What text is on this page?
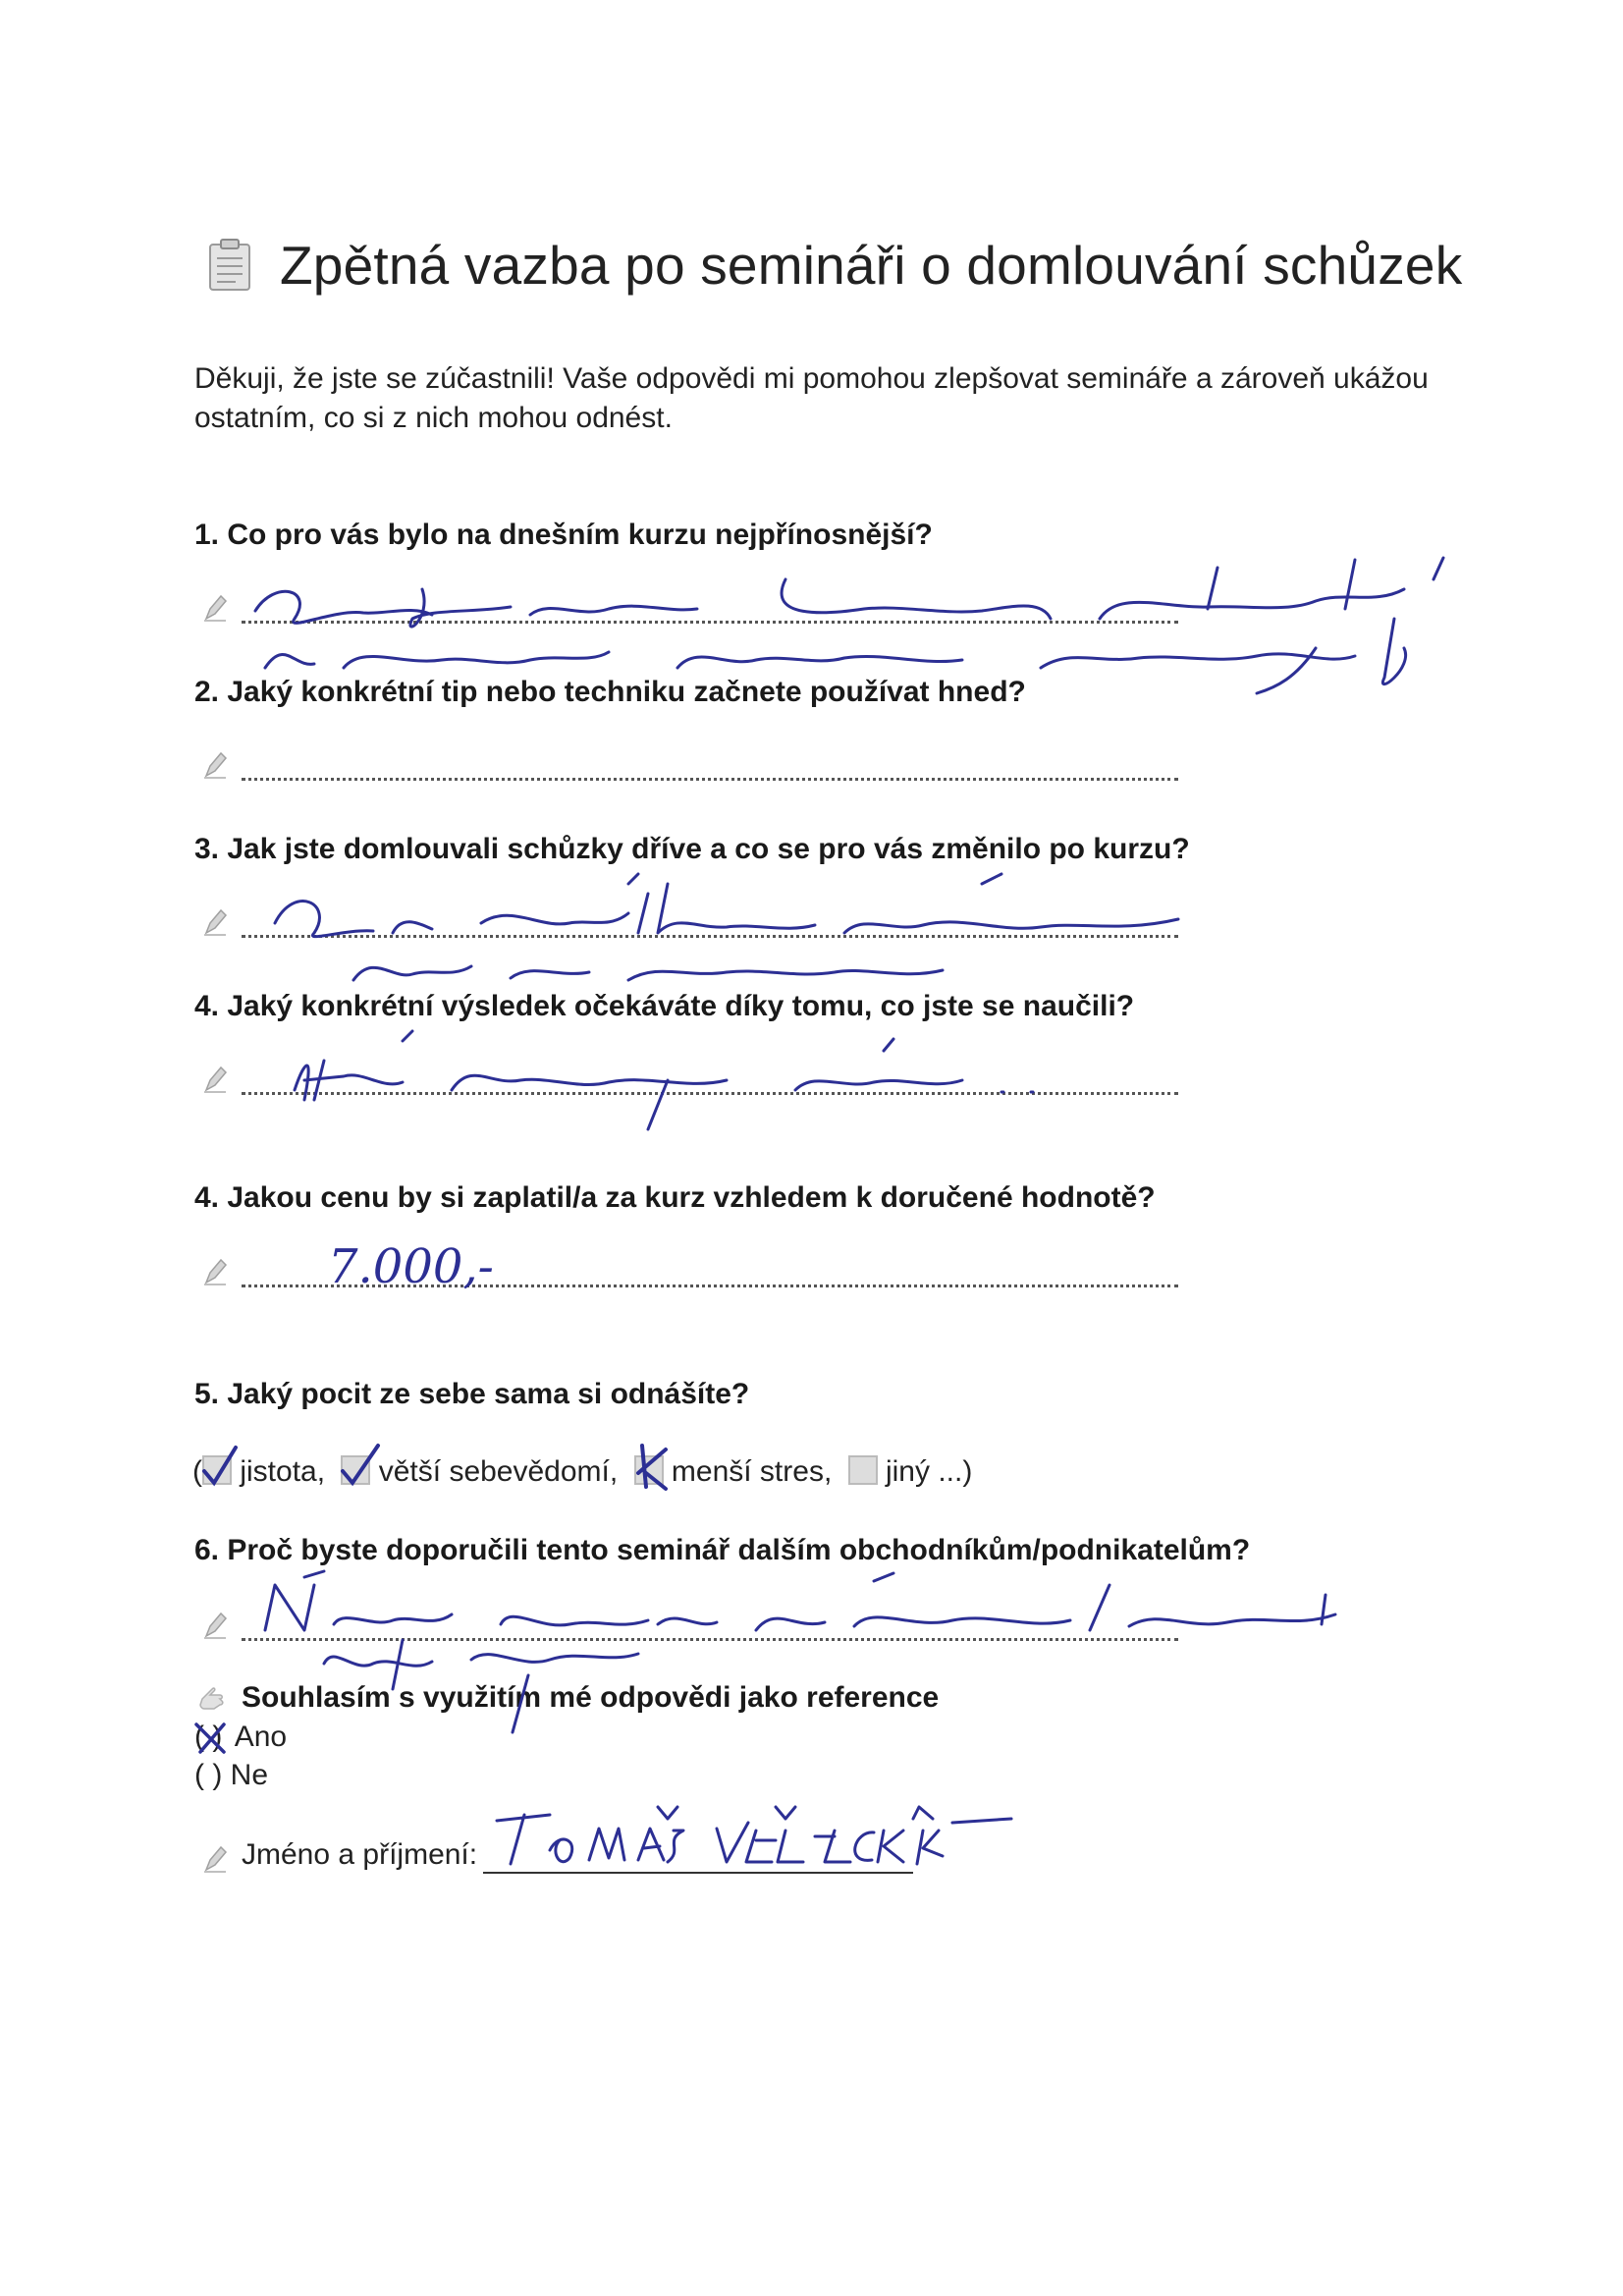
Zpětná vazba po semináři o domlouvání schůzek
Děkuji, že jste se zúčastnili! Vaše odpovědi mi pomohou zlepšovat semináře a zároveň ukážou ostatním, co si z nich mohou odnést.
1. Co pro vás bylo na dnešním kurzu nejpřínosnější?
2. Jaký konkrétní tip nebo techniku začnete používat hned?
3. Jak jste domlouvali schůzky dříve a co se pro vás změnilo po kurzu?
4. Jaký konkrétní výsledek očekáváte díky tomu, co jste se naučili?
4. Jakou cenu by si zaplatil/a za kurz vzhledem k doručené hodnotě?
7.000,-
5. Jaký pocit ze sebe sama si odnášíte?
( jistota, větší sebevědomí, menší stres, jiný ...)
6. Proč byste doporučili tento seminář dalším obchodníkům/podnikatelům?
Souhlasím s využitím mé odpovědi jako reference
( ) Ano
( ) Ne
Jméno a příjmení:
